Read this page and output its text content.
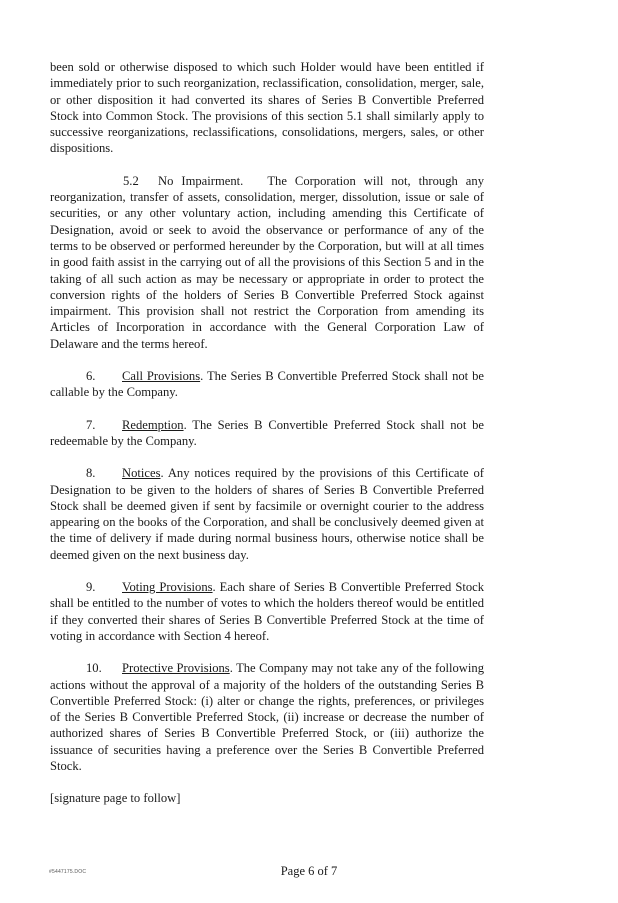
been sold or otherwise disposed to which such Holder would have been entitled if immediately prior to such reorganization, reclassification, consolidation, merger, sale, or other disposition it had converted its shares of Series B Convertible Preferred Stock into Common Stock. The provisions of this section 5.1 shall similarly apply to successive reorganizations, reclassifications, consolidations, mergers, sales, or other dispositions.

5.2 No Impairment. The Corporation will not, through any reorganization, transfer of assets, consolidation, merger, dissolution, issue or sale of securities, or any other voluntary action, including amending this Certificate of Designation, avoid or seek to avoid the observance or performance of any of the terms to be observed or performed hereunder by the Corporation, but will at all times in good faith assist in the carrying out of all the provisions of this Section 5 and in the taking of all such action as may be necessary or appropriate in order to protect the conversion rights of the holders of Series B Convertible Preferred Stock against impairment. This provision shall not restrict the Corporation from amending its Articles of Incorporation in accordance with the General Corporation Law of Delaware and the terms hereof.

6. Call Provisions. The Series B Convertible Preferred Stock shall not be callable by the Company.

7. Redemption. The Series B Convertible Preferred Stock shall not be redeemable by the Company.

8. Notices. Any notices required by the provisions of this Certificate of Designation to be given to the holders of shares of Series B Convertible Preferred Stock shall be deemed given if sent by facsimile or overnight courier to the address appearing on the books of the Corporation, and shall be conclusively deemed given at the time of delivery if made during normal business hours, otherwise notice shall be deemed given on the next business day.

9. Voting Provisions. Each share of Series B Convertible Preferred Stock shall be entitled to the number of votes to which the holders thereof would be entitled if they converted their shares of Series B Convertible Preferred Stock at the time of voting in accordance with Section 4 hereof.

10. Protective Provisions. The Company may not take any of the following actions without the approval of a majority of the holders of the outstanding Series B Convertible Preferred Stock: (i) alter or change the rights, preferences, or privileges of the Series B Convertible Preferred Stock, (ii) increase or decrease the number of authorized shares of Series B Convertible Preferred Stock, or (iii) authorize the issuance of securities having a preference over the Series B Convertible Preferred Stock.

[signature page to follow]

#5447175.DOC	Page 6 of 7
